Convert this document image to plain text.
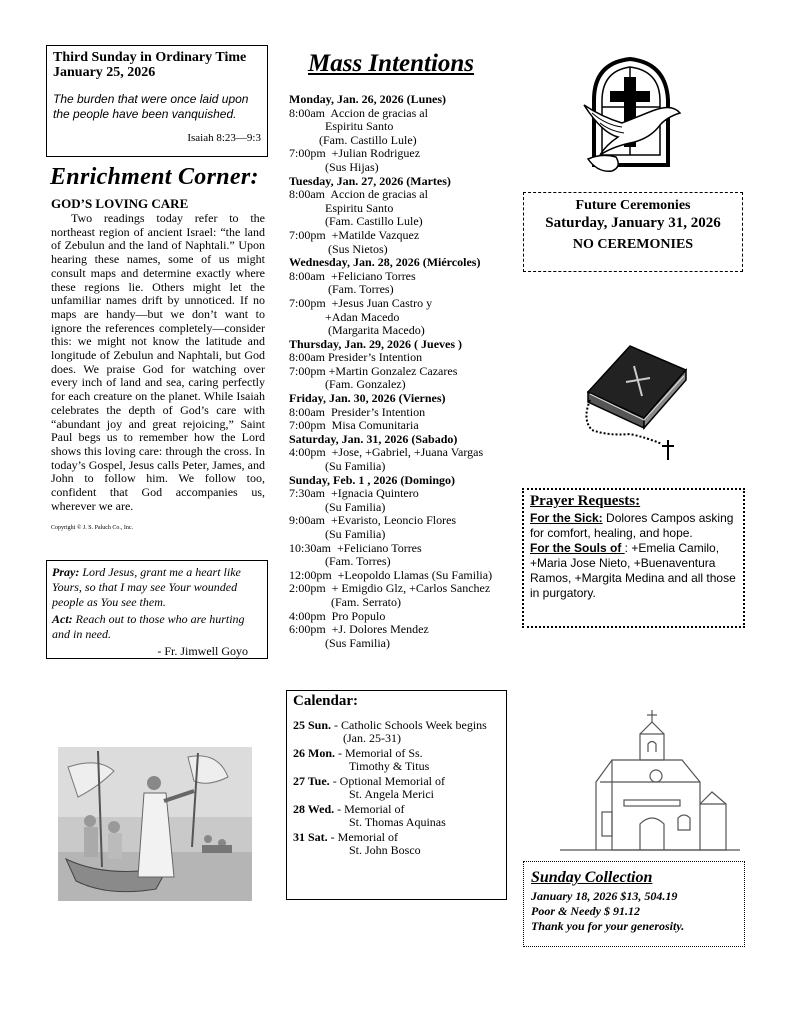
Third Sunday in Ordinary Time
January 25, 2026
The burden that were once laid upon the people have been vanquished.
Isaiah 8:23—9:3
Enrichment Corner:
GOD’S LOVING CARE

Two readings today refer to the northeast region of ancient Israel: “the land of Zebulun and the land of Naphtali.” Upon hearing these names, some of us might consult maps and determine exactly where these regions lie. Others might let the unfamiliar names drift by unnoticed. If no maps are handy—but we don’t want to ignore the references completely—consider this: we might not know the latitude and longitude of Zebulun and Naphtali, but God does. We praise God for watching over every inch of land and sea, caring perfectly for each creature on the planet. While Isaiah celebrates the depth of God’s care with “abundant joy and great rejoicing,” Saint Paul begs us to remember how the Lord shows this loving care: through the cross. In today’s Gospel, Jesus calls Peter, James, and John to follow him. We follow too, confident that God accompanies us, wherever we are.

Copyright © J. S. Paluch Co., Inc.
Pray: Lord Jesus, grant me a heart like Yours, so that I may see Your wounded people as You see them.
Act: Reach out to those who are hurting and in need.
- Fr. Jimwell Goyo
Mass Intentions
Monday, Jan. 26, 2026 (Lunes)
8:00am  Accion de gracias al
Espiritu Santo
(Fam. Castillo Lule)
7:00pm  +Julian Rodriguez
(Sus Hijas)
Tuesday, Jan. 27, 2026 (Martes)
8:00am  Accion de gracias al
Espiritu Santo
(Fam. Castillo Lule)
7:00pm  +Matilde Vazquez
(Sus Nietos)
Wednesday, Jan. 28, 2026 (Miércoles)
8:00am  +Feliciano Torres
(Fam. Torres)
7:00pm  +Jesus Juan Castro y
+Adan Macedo
(Margarita Macedo)
Thursday, Jan. 29, 2026 ( Jueves )
8:00am Presider’s Intention
7:00pm +Martin Gonzalez Cazares
(Fam. Gonzalez)
Friday, Jan. 30, 2026 (Viernes)
8:00am  Presider’s Intention
7:00pm  Misa Comunitaria
Saturday, Jan. 31, 2026 (Sabado)
4:00pm  +Jose, +Gabriel, +Juana Vargas
(Su Familia)
Sunday, Feb. 1 , 2026 (Domingo)
7:30am  +Ignacia Quintero
(Su Familia)
9:00am  +Evaristo, Leoncio Flores
(Su Familia)
10:30am  +Feliciano Torres
(Fam. Torres)
12:00pm  +Leopoldo Llamas (Su Familia)
2:00pm  + Emigdio Glz, +Carlos Sanchez
(Fam. Serrato)
4:00pm  Pro Populo
6:00pm  +J. Dolores Mendez
(Sus Familia)
Future Ceremonies
Saturday, January 31, 2026
NO CEREMONIES
Prayer Requests:
For the Sick: Dolores Campos asking for comfort, healing, and hope.
For the Souls of : +Emelia Camilo, +Maria Jose Nieto, +Buenaventura Ramos, +Margita Medina and all those in purgatory.
Calendar:
25 Sun. - Catholic Schools Week begins
(Jan. 25-31)
26 Mon. - Memorial of Ss.
Timothy & Titus
27 Tue. - Optional Memorial of
St. Angela Merici
28 Wed. - Memorial of
St. Thomas Aquinas
31 Sat. - Memorial of
St. John Bosco
Sunday Collection
January 18, 2026 $13, 504.19
Poor & Needy $ 91.12
Thank you for your generosity.
